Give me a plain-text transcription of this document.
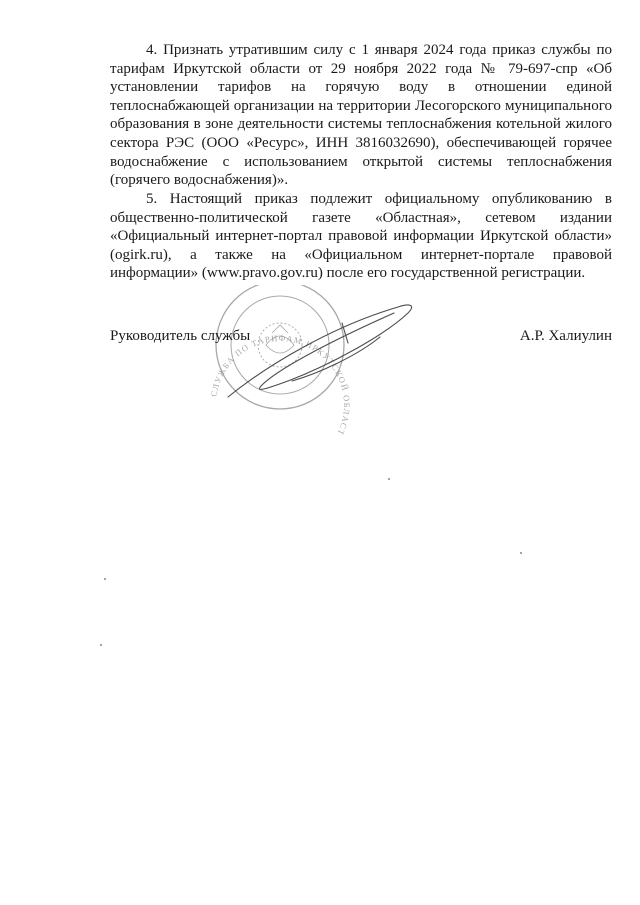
4. Признать утратившим силу с 1 января 2024 года приказ службы по тарифам Иркутской области от 29 ноября 2022 года № 79-697-спр «Об установлении тарифов на горячую воду в отношении единой теплоснабжающей организации на территории Лесогорского муниципального образования в зоне деятельности системы теплоснабжения котельной жилого сектора РЭС (ООО «Ресурс», ИНН 3816032690), обеспечивающей горячее водоснабжение с использованием открытой системы теплоснабжения (горячего водоснабжения)».

5. Настоящий приказ подлежит официальному опубликованию в общественно-политической газете «Областная», сетевом издании «Официальный интернет-портал правовой информации Иркутской области» (ogirk.ru), а также на «Официальном интернет-портале правовой информации» (www.pravo.gov.ru) после его государственной регистрации.

СЛУЖБА ПО ТАРИФАМ ИРКУТСКОЙ ОБЛАСТ
Руководитель службы	А.Р. Халиулин
